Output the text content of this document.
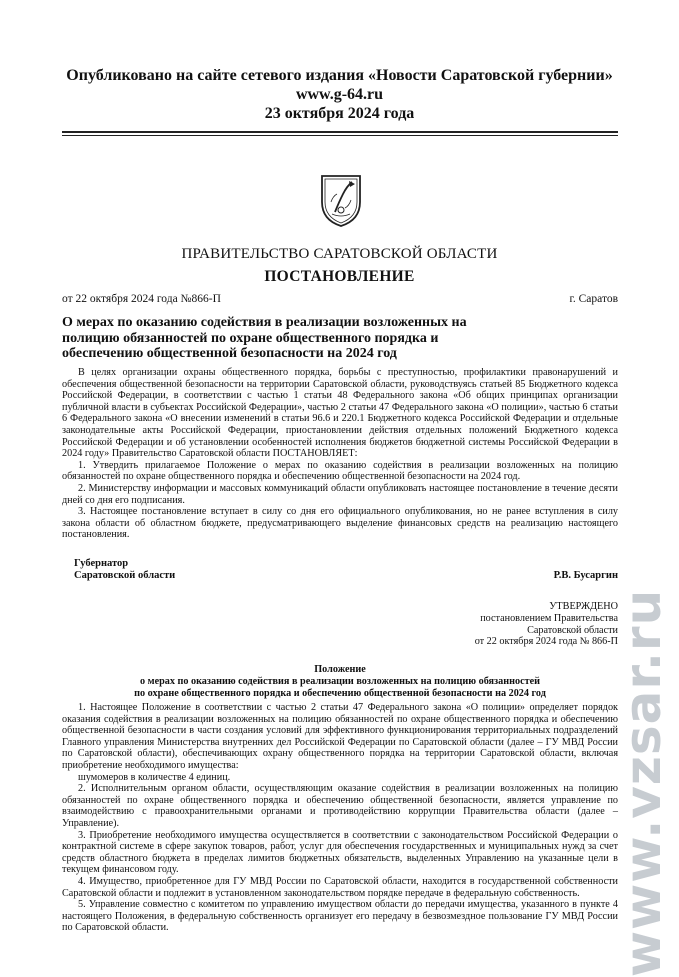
Опубликовано на сайте сетевого издания «Новости Саратовской губернии»
www.g-64.ru
23 октября 2024 года
ПРАВИТЕЛЬСТВО САРАТОВСКОЙ ОБЛАСТИ
ПОСТАНОВЛЕНИЕ
от 22 октября 2024 года №866-П	г. Саратов
О мерах по оказанию содействия в реализации возложенных на полицию обязанностей по охране общественного порядка и обеспечению общественной безопасности на 2024 год

В целях организации охраны общественного порядка, борьбы с преступностью, профилактики правонарушений и обеспечения общественной безопасности на территории Саратовской области, руководствуясь статьей 85 Бюджетного кодекса Российской Федерации, в соответствии с частью 1 статьи 48 Федерального закона «Об общих принципах организации публичной власти в субъектах Российской Федерации», частью 2 статьи 47 Федерального закона «О полиции», частью 6 статьи 6 Федерального закона «О внесении изменений в статьи 96.6 и 220.1 Бюджетного кодекса Российской Федерации и отдельные законодательные акты Российской Федерации, приостановлении действия отдельных положений Бюджетного кодекса Российской Федерации и об установлении особенностей исполнения бюджетов бюджетной системы Российской Федерации в 2024 году» Правительство Саратовской области ПОСТАНОВЛЯЕТ:

1. Утвердить прилагаемое Положение о мерах по оказанию содействия в реализации возложенных на полицию обязанностей по охране общественного порядка и обеспечению общественной безопасности на 2024 год.

2. Министерству информации и массовых коммуникаций области опубликовать настоящее постановление в течение десяти дней со дня его подписания.

3. Настоящее постановление вступает в силу со дня его официального опубликования, но не ранее вступления в силу закона области об областном бюджете, предусматривающего выделение финансовых средств на реализацию настоящего постановления.

Губернатор
Саратовской области	Р.В. Бусаргин
УТВЕРЖДЕНО
постановлением Правительства
Саратовской области
от 22 октября 2024 года № 866-П
Положение
о мерах по оказанию содействия в реализации возложенных на полицию обязанностей
по охране общественного порядка и обеспечению общественной безопасности на 2024 год

1. Настоящее Положение в соответствии с частью 2 статьи 47 Федерального закона «О полиции» определяет порядок оказания содействия в реализации возложенных на полицию обязанностей по охране общественного порядка и обеспечению общественной безопасности в части создания условий для эффективного функционирования территориальных подразделений Главного управления Министерства внутренних дел Российской Федерации по Саратовской области (далее – ГУ МВД России по Саратовской области), обеспечивающих охрану общественного порядка на территории Саратовской области, включая приобретение необходимого имущества:

шумомеров в количестве 4 единиц.

2. Исполнительным органом области, осуществляющим оказание содействия в реализации возложенных на полицию обязанностей по охране общественного порядка и обеспечению общественной безопасности, является управление по взаимодействию с правоохранительными органами и противодействию коррупции Правительства области (далее – Управление).

3. Приобретение необходимого имущества осуществляется в соответствии с законодательством Российской Федерации о контрактной системе в сфере закупок товаров, работ, услуг для обеспечения государственных и муниципальных нужд за счет средств областного бюджета в пределах лимитов бюджетных обязательств, выделенных Управлению на указанные цели в текущем финансовом году.

4. Имущество, приобретенное для ГУ МВД России по Саратовской области, находится в государственной собственности Саратовской области и подлежит в установленном законодательством порядке передаче в федеральную собственность.

5. Управление совместно с комитетом по управлению имуществом области до передачи имущества, указанного в пункте 4 настоящего Положения, в федеральную собственность организует его передачу в безвозмездное пользование ГУ МВД России по Саратовской области.	www.vzsar.ru
